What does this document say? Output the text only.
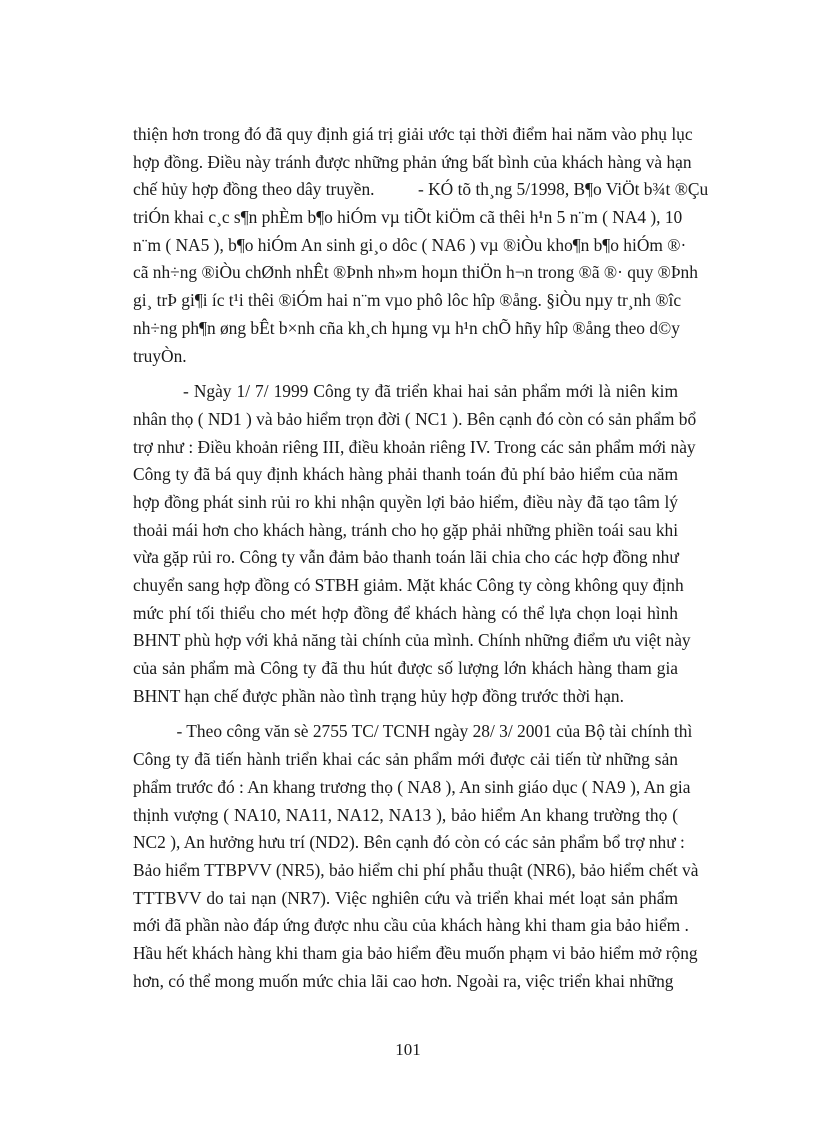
thiện hơn trong đó đã quy định giá trị giải ước tại thời điểm hai năm vào phụ lục
hợp đồng. Điều này tránh được những phản ứng bất bình của khách hàng và hạn
chế hủy hợp đồng theo dây truyền.          - KÓ tõ th¸ng 5/1998, B¶o ViÖt b¾t ®Çu
triÓn khai c¸c s¶n phÈm b¶o hiÓm vµ tiÕt kiÖm cã thêi h¹n 5 n¨m ( NA4 ), 10
n¨m ( NA5 ), b¶o hiÓm An sinh gi¸o dôc ( NA6 ) vµ ®iÒu kho¶n b¶o hiÓm ®·
cã nh÷ng ®iÒu chØnh nhÊt ®Þnh nh»m hoµn thiÖn h¬n trong ®ã ®· quy ®Þnh
gi¸ trÞ gi¶i íc t¹i thêi ®iÓm hai n¨m vµo phô lôc hîp ®ång. §iÒu nµy tr¸nh ®îc
nh÷ng ph¶n øng bÊt b×nh cña kh¸ch hµng vµ h¹n chÕ hñy hîp ®ång theo d©y
truyÒn.
- Ngày 1/ 7/ 1999 Công ty đã triển khai hai sản phẩm mới là niên kim
nhân thọ ( ND1 ) và bảo hiểm trọn đời ( NC1 ). Bên cạnh đó còn có sản phẩm bổ
trợ như : Điều khoản riêng III, điều khoản riêng IV. Trong các sản phẩm mới này
Công ty đã bá quy định khách hàng phải thanh toán đủ phí bảo hiểm của năm
hợp đồng phát sinh rủi ro khi nhận quyền lợi bảo hiểm, điều này đã tạo tâm lý
thoải mái hơn cho khách hàng, tránh cho họ gặp phải những phiền toái sau khi
vừa gặp rủi ro. Công ty vẫn đảm bảo thanh toán lãi chia cho các hợp đồng như
chuyển sang hợp đồng có STBH giảm. Mặt khác Công ty còng không quy định
mức phí tối thiểu cho mét hợp đồng để khách hàng có thể lựa chọn loại hình
BHNT phù hợp với khả năng tài chính của mình. Chính những điểm ưu việt này
của sản phẩm mà Công ty đã thu hút được số lượng lớn khách hàng tham gia
BHNT hạn chế được phần nào tình trạng hủy hợp đồng trước thời hạn.
- Theo công văn sè 2755 TC/ TCNH ngày 28/ 3/ 2001 của Bộ tài chính thì
Công ty đã tiến hành triển khai các sản phẩm mới được cải tiến từ những sản
phẩm trước đó : An khang trương thọ ( NA8 ), An sinh giáo dục ( NA9 ), An gia
thịnh vượng ( NA10, NA11, NA12, NA13 ), bảo hiểm An khang trường thọ (
NC2 ), An hưởng hưu trí (ND2). Bên cạnh đó còn có các sản phẩm bổ trợ như :
Bảo hiểm TTBPVV (NR5), bảo hiểm chi phí phẫu thuật (NR6), bảo hiểm chết và
TTTBVV do tai nạn (NR7). Việc nghiên cứu và triển khai mét loạt sản phẩm
mới đã phần nào đáp ứng được nhu cầu của khách hàng khi tham gia bảo hiểm .
Hầu hết khách hàng khi tham gia bảo hiểm đều muốn phạm vi bảo hiểm mở rộng
hơn, có thể mong muốn mức chia lãi cao hơn. Ngoài ra, việc triển khai những
101
